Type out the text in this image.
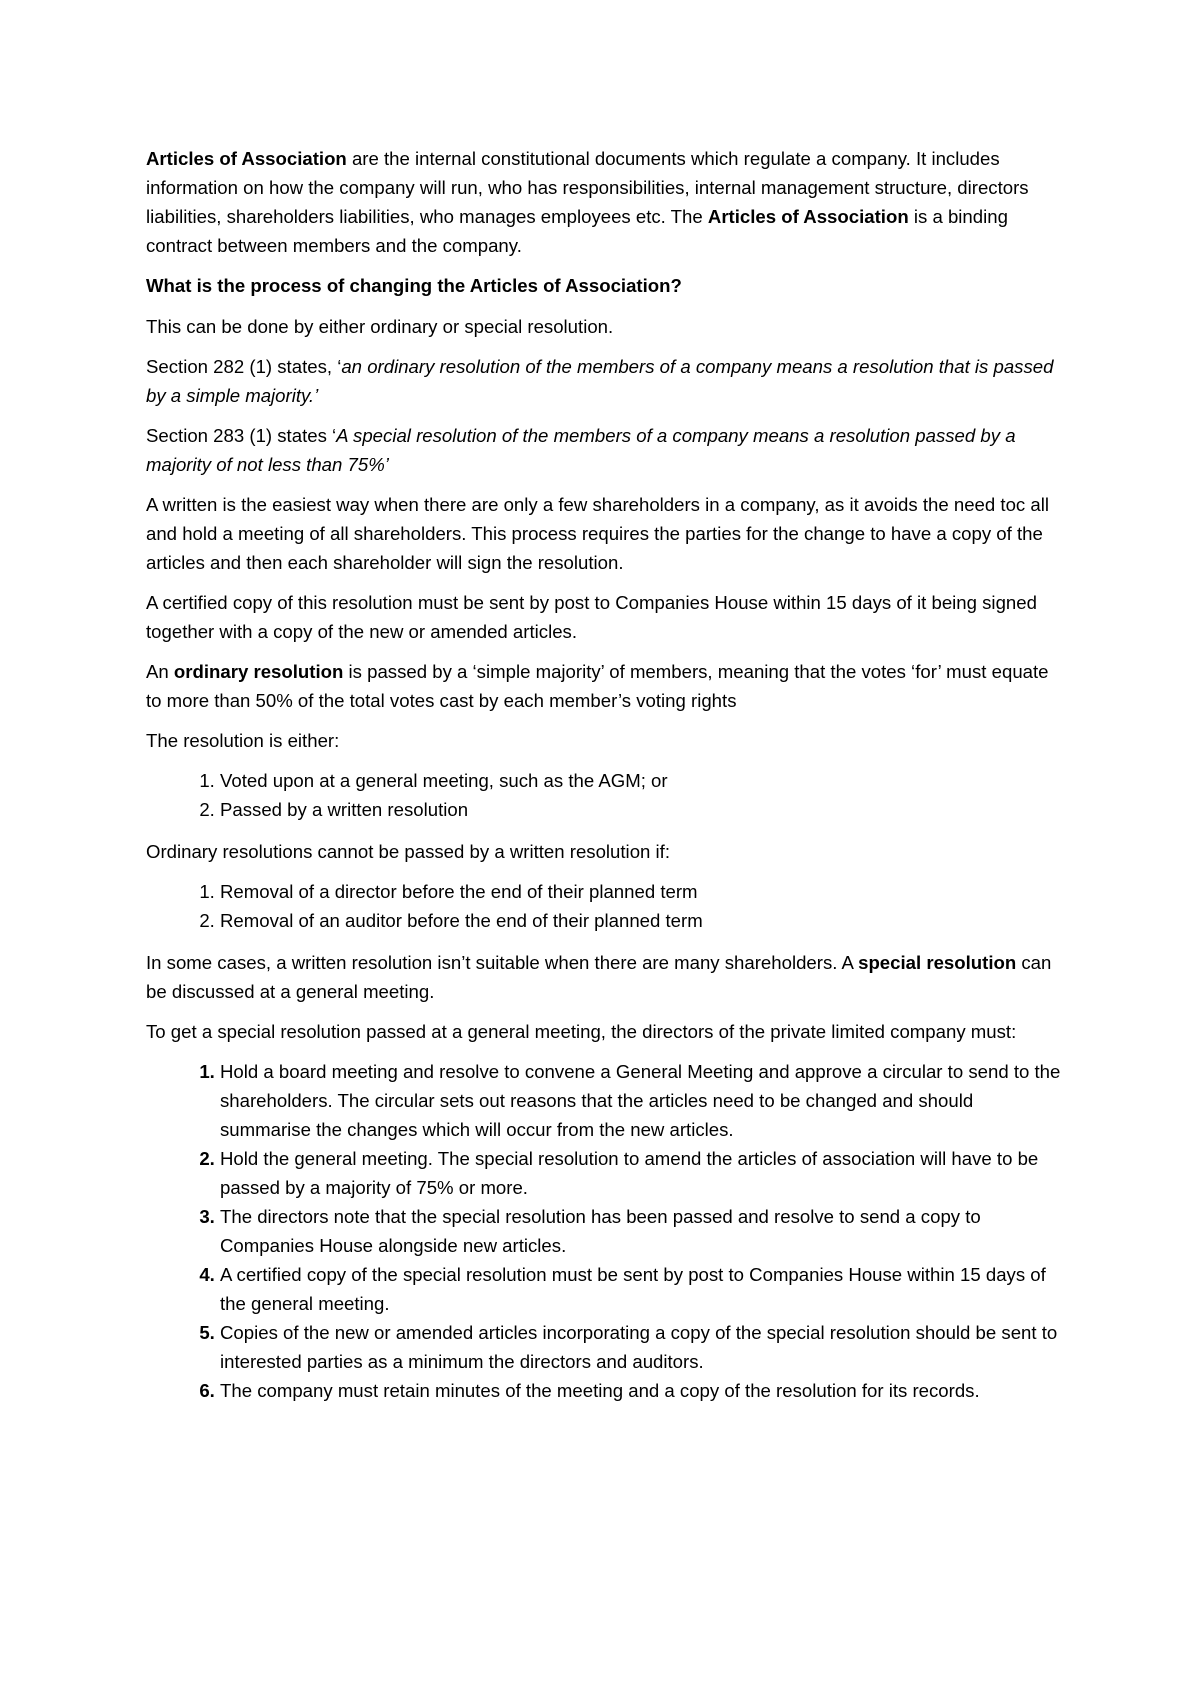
Articles of Association are the internal constitutional documents which regulate a company. It includes information on how the company will run, who has responsibilities, internal management structure, directors liabilities, shareholders liabilities, who manages employees etc. The Articles of Association is a binding contract between members and the company.

What is the process of changing the Articles of Association?

This can be done by either ordinary or special resolution.

Section 282 (1) states, ‘an ordinary resolution of the members of a company means a resolution that is passed by a simple majority.’

Section 283 (1) states ‘A special resolution of the members of a company means a resolution passed by a majority of not less than 75%’

A written is the easiest way when there are only a few shareholders in a company, as it avoids the need toc all and hold a meeting of all shareholders. This process requires the parties for the change to have a copy of the articles and then each shareholder will sign the resolution.

A certified copy of this resolution must be sent by post to Companies House within 15 days of it being signed together with a copy of the new or amended articles.

An ordinary resolution is passed by a ‘simple majority’ of members, meaning that the votes ‘for’ must equate to more than 50% of the total votes cast by each member’s voting rights

The resolution is either:

1. Voted upon at a general meeting, such as the AGM; or
2. Passed by a written resolution

Ordinary resolutions cannot be passed by a written resolution if:

1. Removal of a director before the end of their planned term
2. Removal of an auditor before the end of their planned term

In some cases, a written resolution isn’t suitable when there are many shareholders. A special resolution can be discussed at a general meeting.

To get a special resolution passed at a general meeting, the directors of the private limited company must:

1. Hold a board meeting and resolve to convene a General Meeting and approve a circular to send to the shareholders. The circular sets out reasons that the articles need to be changed and should summarise the changes which will occur from the new articles.
2. Hold the general meeting. The special resolution to amend the articles of association will have to be passed by a majority of 75% or more.
3. The directors note that the special resolution has been passed and resolve to send a copy to Companies House alongside new articles.
4. A certified copy of the special resolution must be sent by post to Companies House within 15 days of the general meeting.
5. Copies of the new or amended articles incorporating a copy of the special resolution should be sent to interested parties as a minimum the directors and auditors.
6. The company must retain minutes of the meeting and a copy of the resolution for its records.
